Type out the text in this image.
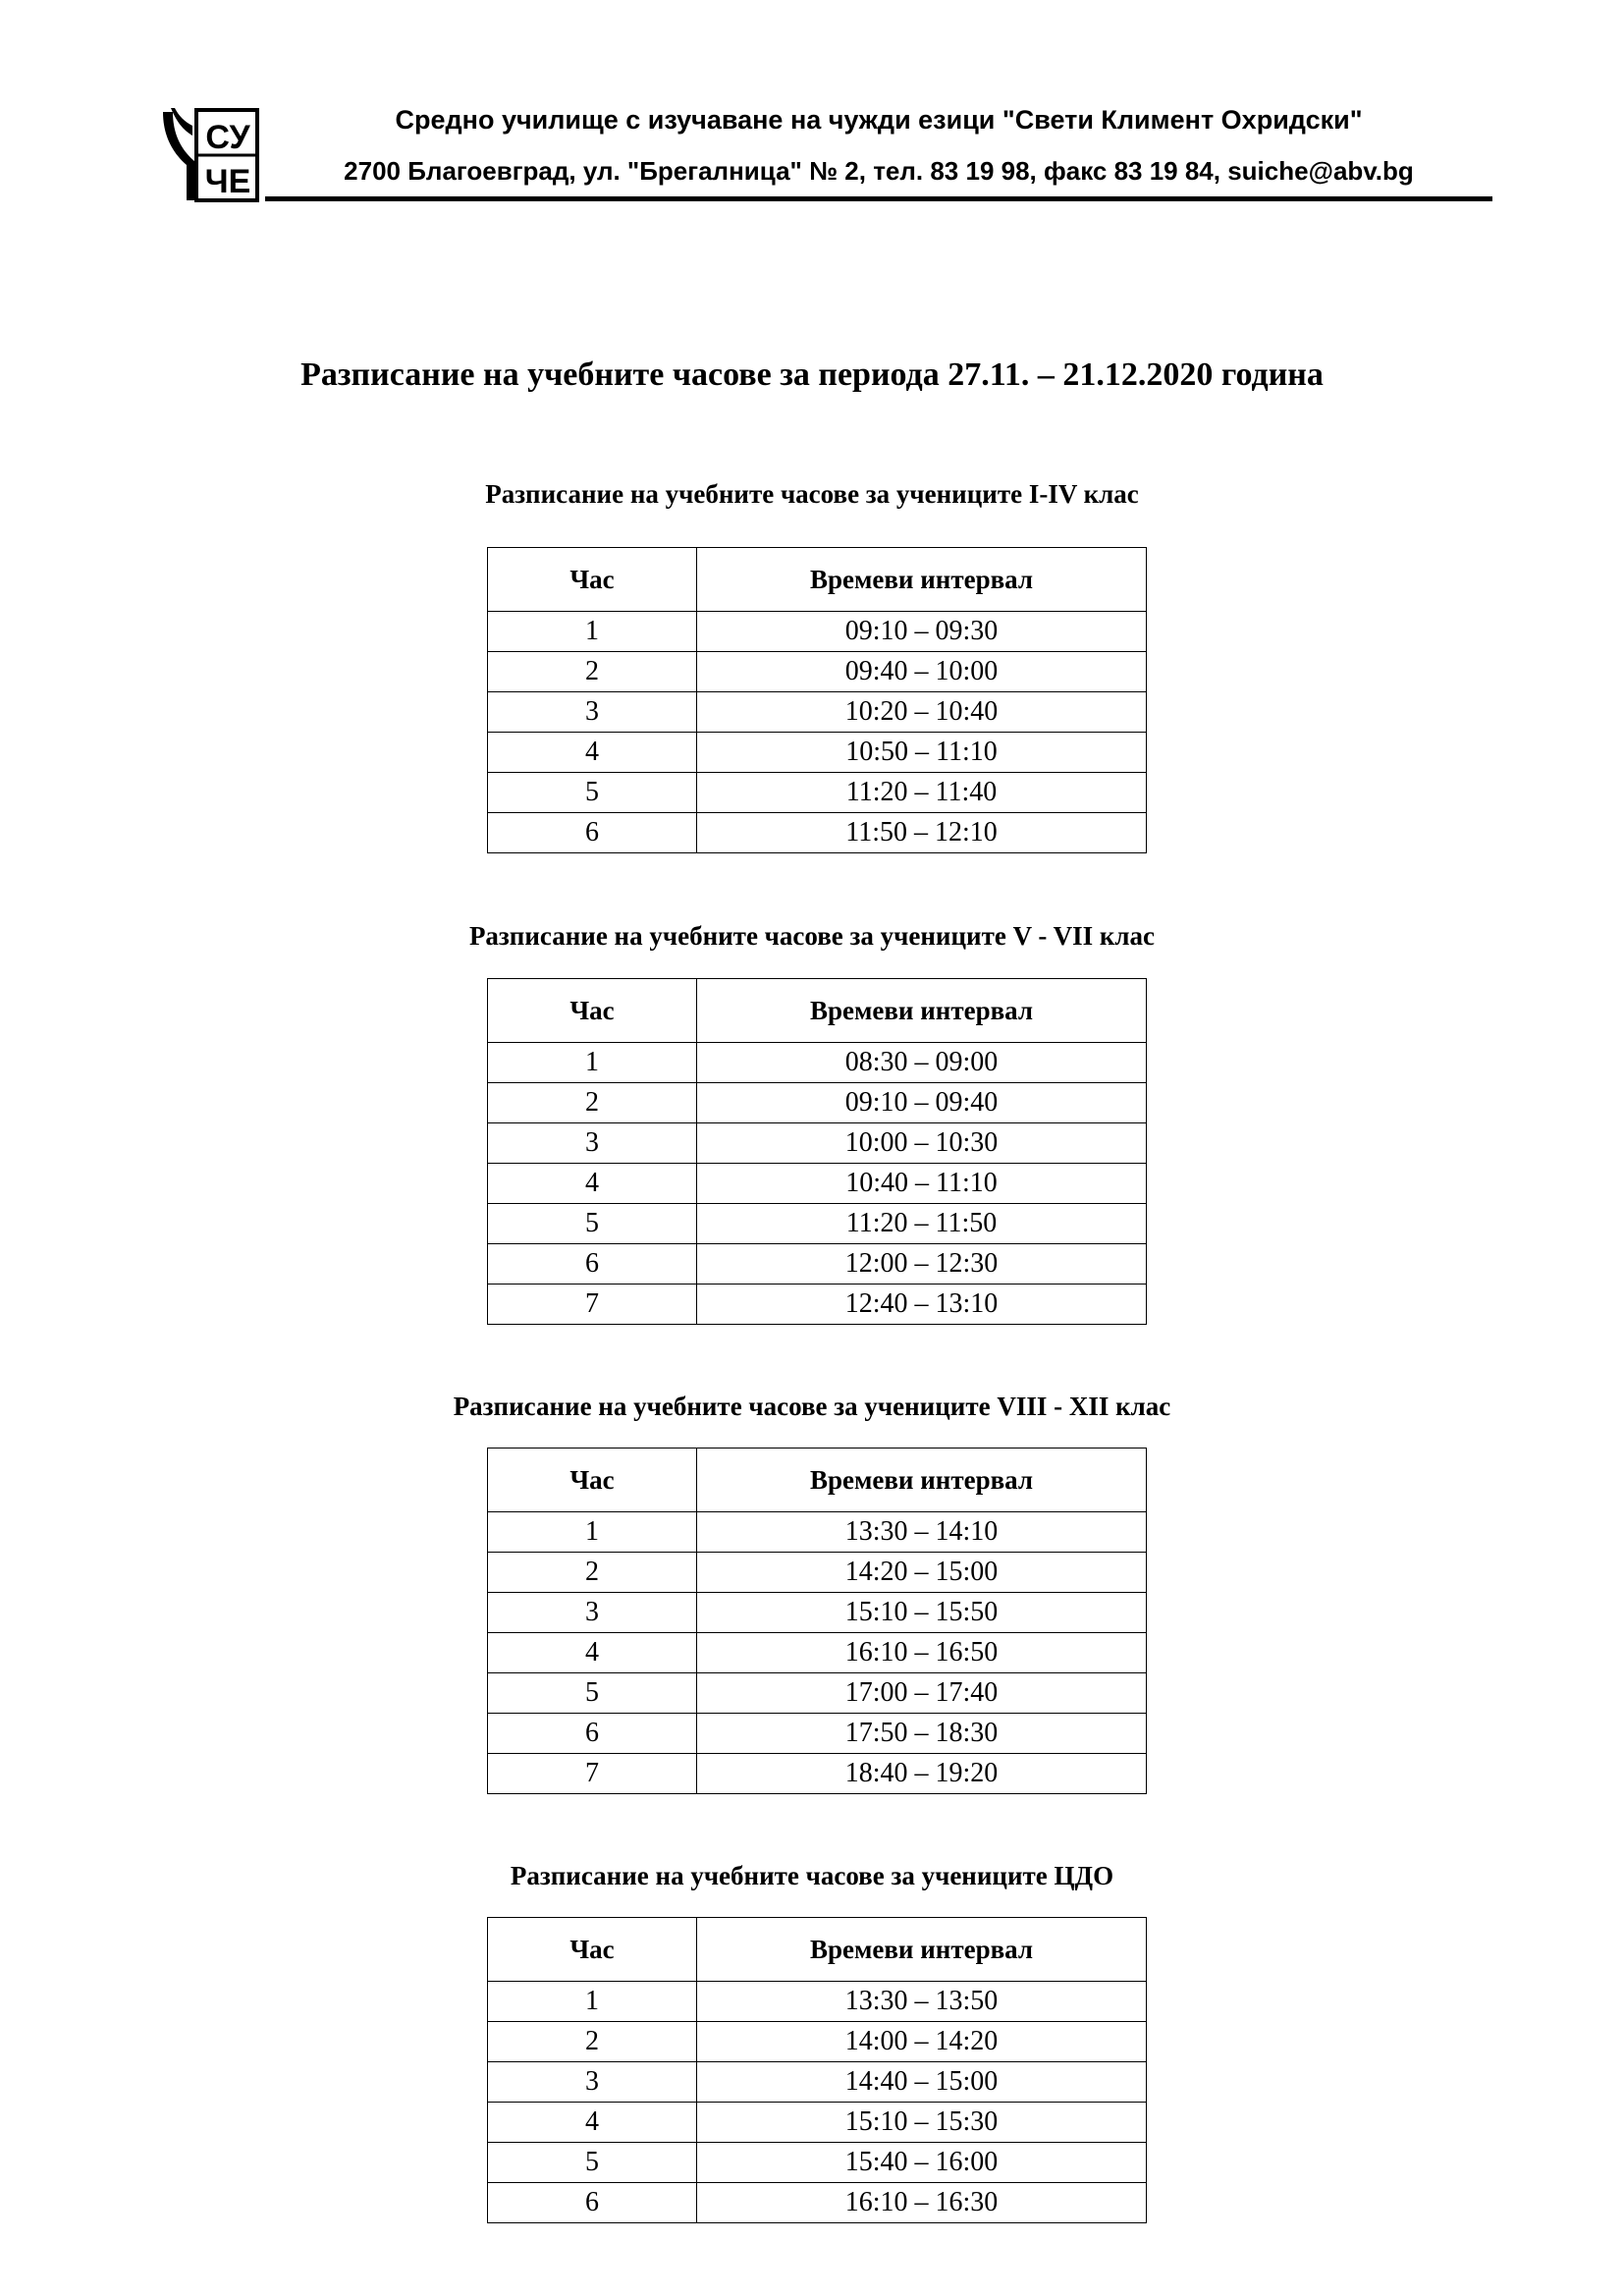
СУ
ЧЕ
Средно училище с изучаване на чужди езици "Свети Климент Охридски"
2700 Благоевград, ул. "Брегалница" № 2, тел. 83 19 98, факс 83 19 84, suiche@abv.bg
Разписание на учебните часове за периода 27.11. – 21.12.2020 година
Разписание на учебните часове за учениците I-IV клас
Час	Времеви интервал
1	09:10 – 09:30
2	09:40 – 10:00
3	10:20 – 10:40
4	10:50 – 11:10
5	11:20 – 11:40
6	11:50 – 12:10
Разписание на учебните часове за учениците V - VII клас
Час	Времеви интервал
1	08:30 – 09:00
2	09:10 – 09:40
3	10:00 – 10:30
4	10:40 – 11:10
5	11:20 – 11:50
6	12:00 – 12:30
7	12:40 – 13:10
Разписание на учебните часове за учениците VIII - XII клас
Час	Времеви интервал
1	13:30 – 14:10
2	14:20 – 15:00
3	15:10 – 15:50
4	16:10 – 16:50
5	17:00 – 17:40
6	17:50 – 18:30
7	18:40 – 19:20
Разписание на учебните часове за учениците ЦДО
Час	Времеви интервал
1	13:30 – 13:50
2	14:00 – 14:20
3	14:40 – 15:00
4	15:10 – 15:30
5	15:40 – 16:00
6	16:10 – 16:30
